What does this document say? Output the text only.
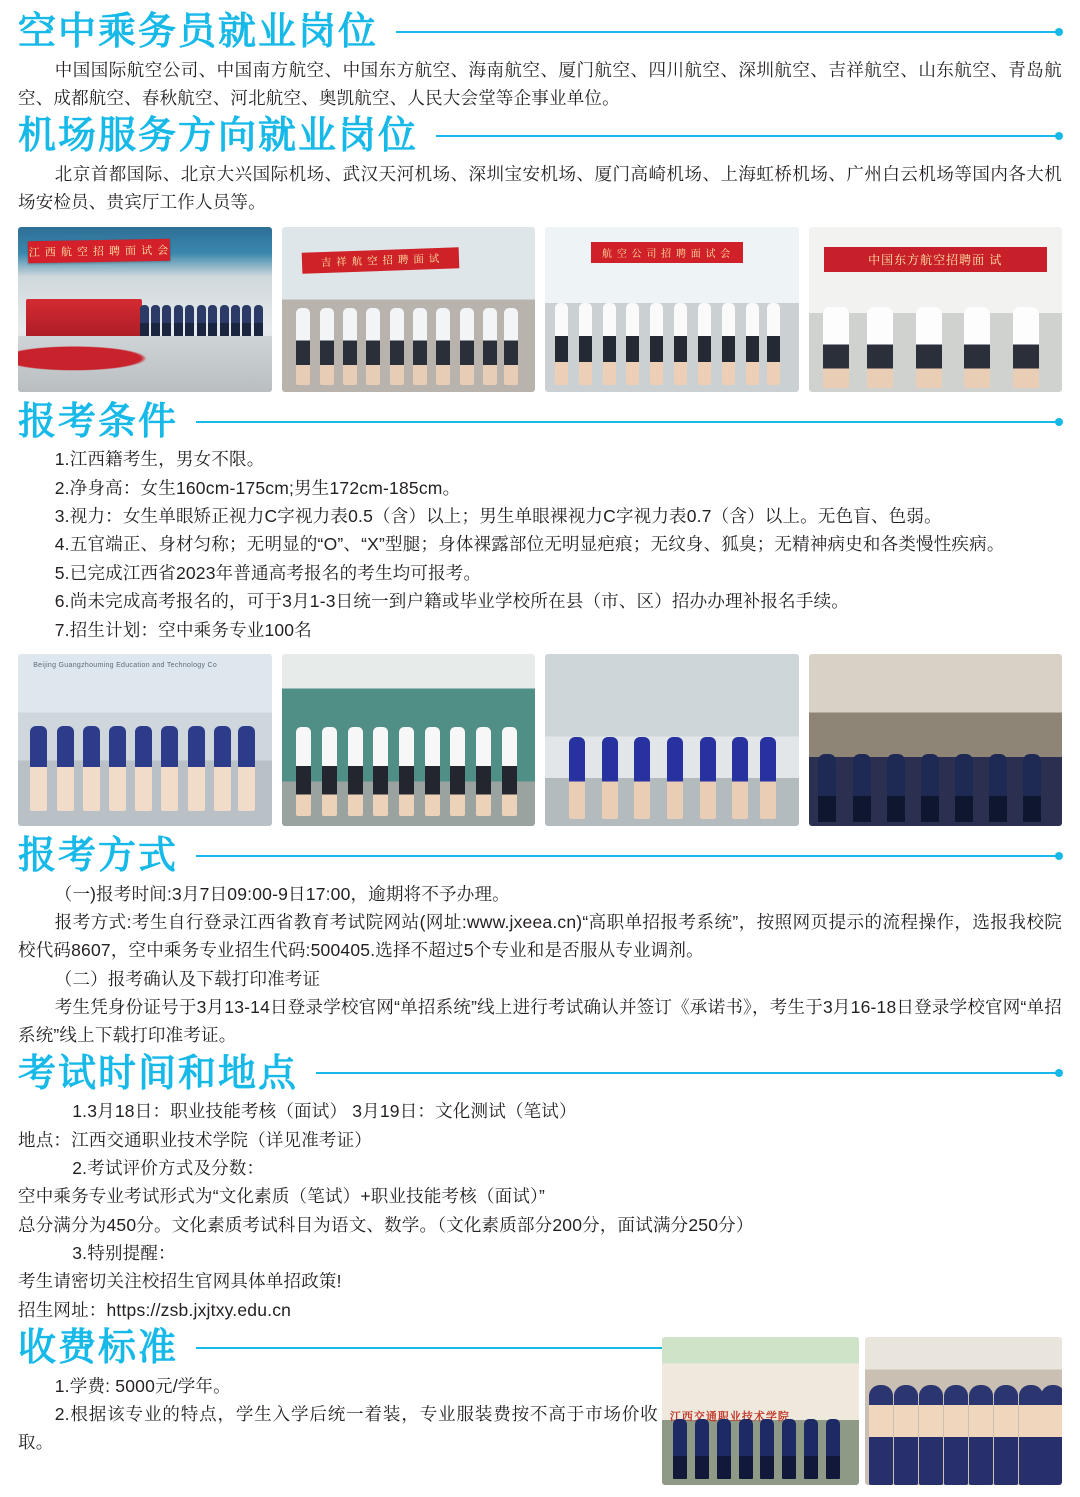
空中乘务员就业岗位

中国国际航空公司、中国南方航空、中国东方航空、海南航空、厦门航空、四川航空、深圳航空、吉祥航空、山东航空、青岛航空、成都航空、春秋航空、河北航空、奥凯航空、人民大会堂等企事业单位。

机场服务方向就业岗位

北京首都国际、北京大兴国际机场、武汉天河机场、深圳宝安机场、厦门高崎机场、上海虹桥机场、广州白云机场等国内各大机场安检员、贵宾厅工作人员等。

江 西 航 空 招 聘 面 试 会
吉 祥 航 空 招 聘 面 试
航 空 公 司 招 聘 面 试 会
中国东方航空招聘面 试
报考条件

1.江西籍考生，男女不限。

2.净身高：女生160cm-175cm;男生172cm-185cm。

3.视力：女生单眼矫正视力C字视力表0.5（含）以上；男生单眼裸视力C字视力表0.7（含）以上。无色盲、色弱。

4.五官端正、身材匀称；无明显的“O”、“X”型腿；身体裸露部位无明显疤痕；无纹身、狐臭；无精神病史和各类慢性疾病。

5.已完成江西省2023年普通高考报名的考生均可报考。

6.尚未完成高考报名的，可于3月1-3日统一到户籍或毕业学校所在县（市、区）招办办理补报名手续。

7.招生计划：空中乘务专业100名

Beijing Guangzhouming Education and Technology Co
报考方式

（一)报考时间:3月7日09:00-9日17:00，逾期将不予办理。

报考方式:考生自行登录江西省教育考试院网站(网址:www.jxeea.cn)“高职单招报考系统”，按照网页提示的流程操作，选报我校院校代码8607，空中乘务专业招生代码:500405.选择不超过5个专业和是否服从专业调剂。

（二）报考确认及下载打印准考证

考生凭身份证号于3月13-14日登录学校官网“单招系统”线上进行考试确认并签订《承诺书》，考生于3月16-18日登录学校官网“单招系统”线上下载打印准考证。

考试时间和地点

1.3月18日：职业技能考核（面试） 3月19日：文化测试（笔试）

地点：江西交通职业技术学院（详见准考证）

2.考试评价方式及分数：

空中乘务专业考试形式为“文化素质（笔试）+职业技能考核（面试）”

总分满分为450分。文化素质考试科目为语文、数学。（文化素质部分200分，面试满分250分）

3.特别提醒：

考生请密切关注校招生官网具体单招政策!

招生网址：https://zsb.jxjtxy.edu.cn

收费标准

1.学费: 5000元/学年。

2.根据该专业的特点，学生入学后统一着装，专业服装费按不高于市场价收取。

江西交通职业技术学院
